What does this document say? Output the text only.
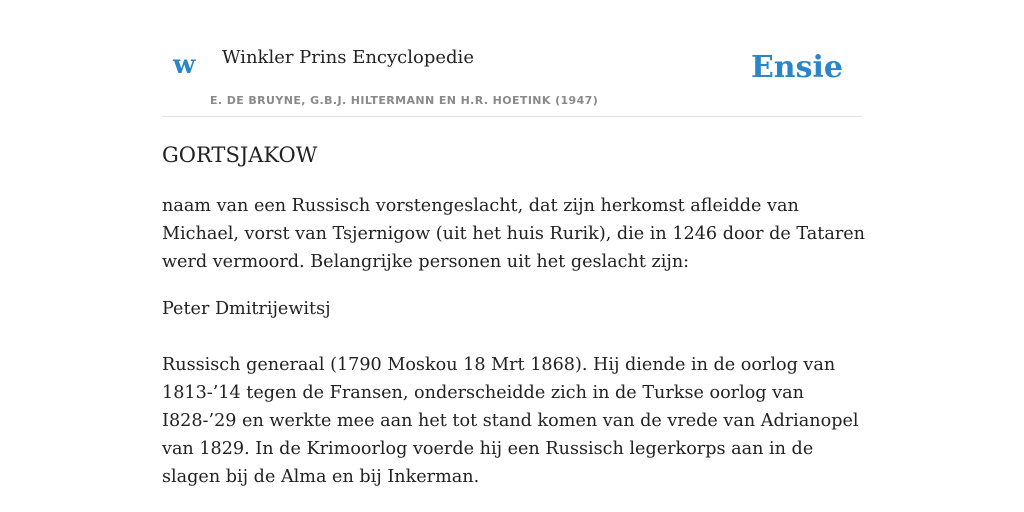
w Winkler Prins Encyclopedie
E. DE BRUYNE, G.B.J. HILTERMANN EN H.R. HOETINK (1947)
Ensie
GORTSJAKOW

naam van een Russisch vorstengeslacht, dat zijn herkomst afleidde van Michael, vorst van Tsjernigow (uit het huis Rurik), die in 1246 door de Tataren werd vermoord. Belangrijke personen uit het geslacht zijn:

Peter Dmitrijewitsj

Russisch generaal (1790 Moskou 18 Mrt 1868). Hij diende in de oorlog van 1813-’14 tegen de Fransen, onderscheidde zich in de Turkse oorlog van I828-’29 en werkte mee aan het tot stand komen van de vrede van Adrianopel van 1829. In de Krimoorlog voerde hij een Russisch legerkorps aan in de slagen bij de Alma en bij Inkerman.
